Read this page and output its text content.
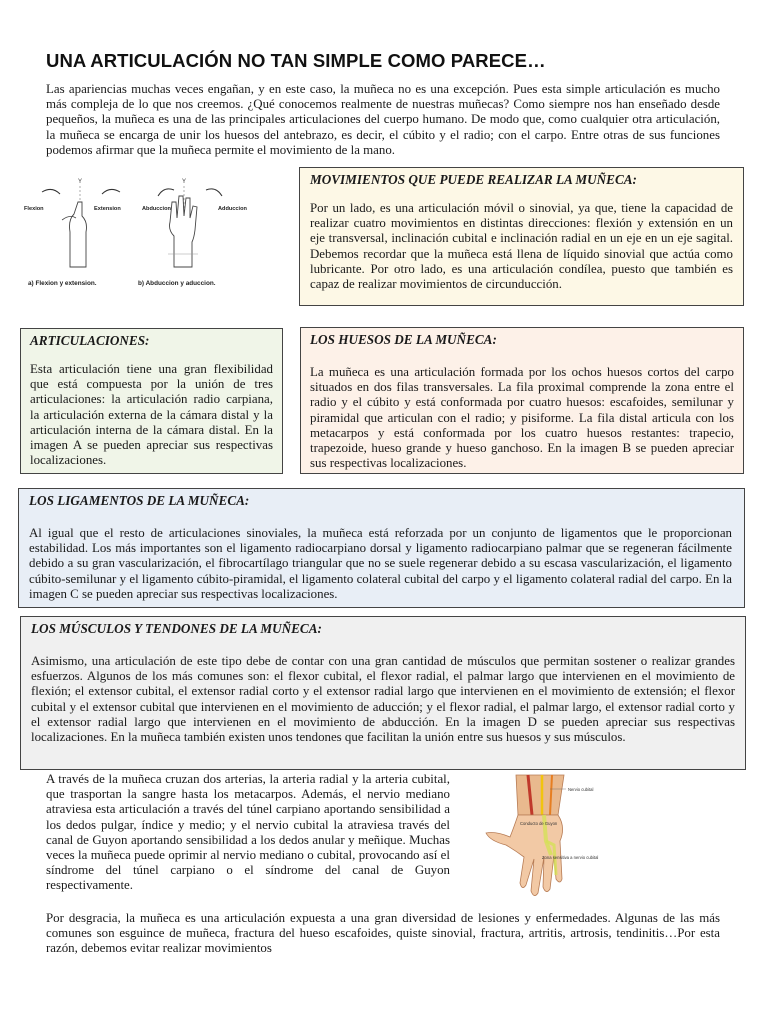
UNA ARTICULACIÓN NO TAN SIMPLE COMO PARECE…

Las apariencias muchas veces engañan, y en este caso, la muñeca no es una excepción. Pues esta simple articulación es mucho más compleja de lo que nos creemos. ¿Qué conocemos realmente de nuestras muñecas? Como siempre nos han enseñado desde pequeños, la muñeca es una de las principales articulaciones del cuerpo humano. De modo que, como cualquier otra articulación, la muñeca se encarga de unir los huesos del antebrazo, es decir, el cúbito y el radio; con el carpo. Entre otras de sus funciones podemos afirmar que la muñeca permite el movimiento de la mano.

Y	Y
Flexion	Extension	Abduccion	Adduccion
a) Flexion y extension.	b) Abduccion y aduccion.
MOVIMIENTOS QUE PUEDE REALIZAR LA MUÑECA:

Por un lado, es una articulación móvil o sinovial, ya que, tiene la capacidad de realizar cuatro movimientos en distintas direcciones: flexión y extensión en un eje transversal, inclinación cubital e inclinación radial en un eje en un eje sagital. Debemos recordar que la muñeca está llena de líquido sinovial que actúa como lubricante. Por otro lado, es una articulación condílea, puesto que también es capaz de realizar movimientos de circunducción.

ARTICULACIONES:

Esta articulación tiene una gran flexibilidad que está compuesta por la unión de tres articulaciones: la articulación radio carpiana, la articulación externa de la cámara distal y la articulación interna de la cámara distal. En la imagen A se pueden apreciar sus respectivas localizaciones.

LOS HUESOS DE LA MUÑECA:

La muñeca es una articulación formada por los ochos huesos cortos del carpo situados en dos filas transversales. La fila proximal comprende la zona entre el radio y el cúbito y está conformada por cuatro huesos: escafoides, semilunar y piramidal que articulan con el radio; y pisiforme. La fila distal articula con los metacarpos y está conformada por los cuatro huesos restantes: trapecio, trapezoide, hueso grande y hueso ganchoso. En la imagen B se pueden apreciar sus respectivas localizaciones.

LOS LIGAMENTOS DE LA MUÑECA:

Al igual que el resto de articulaciones sinoviales, la muñeca está reforzada por un conjunto de ligamentos que le proporcionan estabilidad. Los más importantes son el ligamento radiocarpiano dorsal y ligamento radiocarpiano palmar que se regeneran fácilmente debido a su gran vascularización, el fibrocartílago triangular que no se suele regenerar debido a su escasa vascularización, el ligamento cúbito-semilunar y el ligamento cúbito-piramidal, el ligamento colateral cubital del carpo y el ligamento colateral radial del carpo. En la imagen C se pueden apreciar sus respectivas localizaciones.

LOS MÚSCULOS Y TENDONES DE LA MUÑECA:

Asimismo, una articulación de este tipo debe de contar con una gran cantidad de músculos que permitan sostener o realizar grandes esfuerzos. Algunos de los más comunes son: el flexor cubital, el flexor radial, el palmar largo que intervienen en el movimiento de flexión; el extensor cubital, el extensor radial corto y el extensor radial largo que intervienen en el movimiento de extensión; el flexor cubital y el extensor cubital que intervienen en el movimiento de aducción; y el flexor radial, el palmar largo, el extensor radial corto y el extensor radial largo que intervienen en el movimiento de abducción. En la imagen D se pueden apreciar sus respectivas localizaciones. En la muñeca también existen unos tendones que facilitan la unión entre sus huesos y sus músculos.

A través de la muñeca cruzan dos arterias, la arteria radial y la arteria cubital, que trasportan la sangre hasta los metacarpos. Además, el nervio mediano atraviesa esta articulación a través del túnel carpiano aportando sensibilidad a los dedos pulgar, índice y medio; y el nervio cubital la atraviesa través del canal de Guyon aportando sensibilidad a los dedos anular y meñique. Muchas veces la muñeca puede oprimir al nervio mediano o cubital, provocando así el síndrome del túnel carpiano o el síndrome del canal de Guyon respectivamente.

Nervio cubital
Conducto de Guyon
Zona sensitiva a nervio cubital

Por desgracia, la muñeca es una articulación expuesta a una gran diversidad de lesiones y enfermedades. Algunas de las más comunes son esguince de muñeca, fractura del hueso escafoides, quiste sinovial, fractura, artritis, artrosis, tendinitis…Por esta razón, debemos evitar realizar movimientos
